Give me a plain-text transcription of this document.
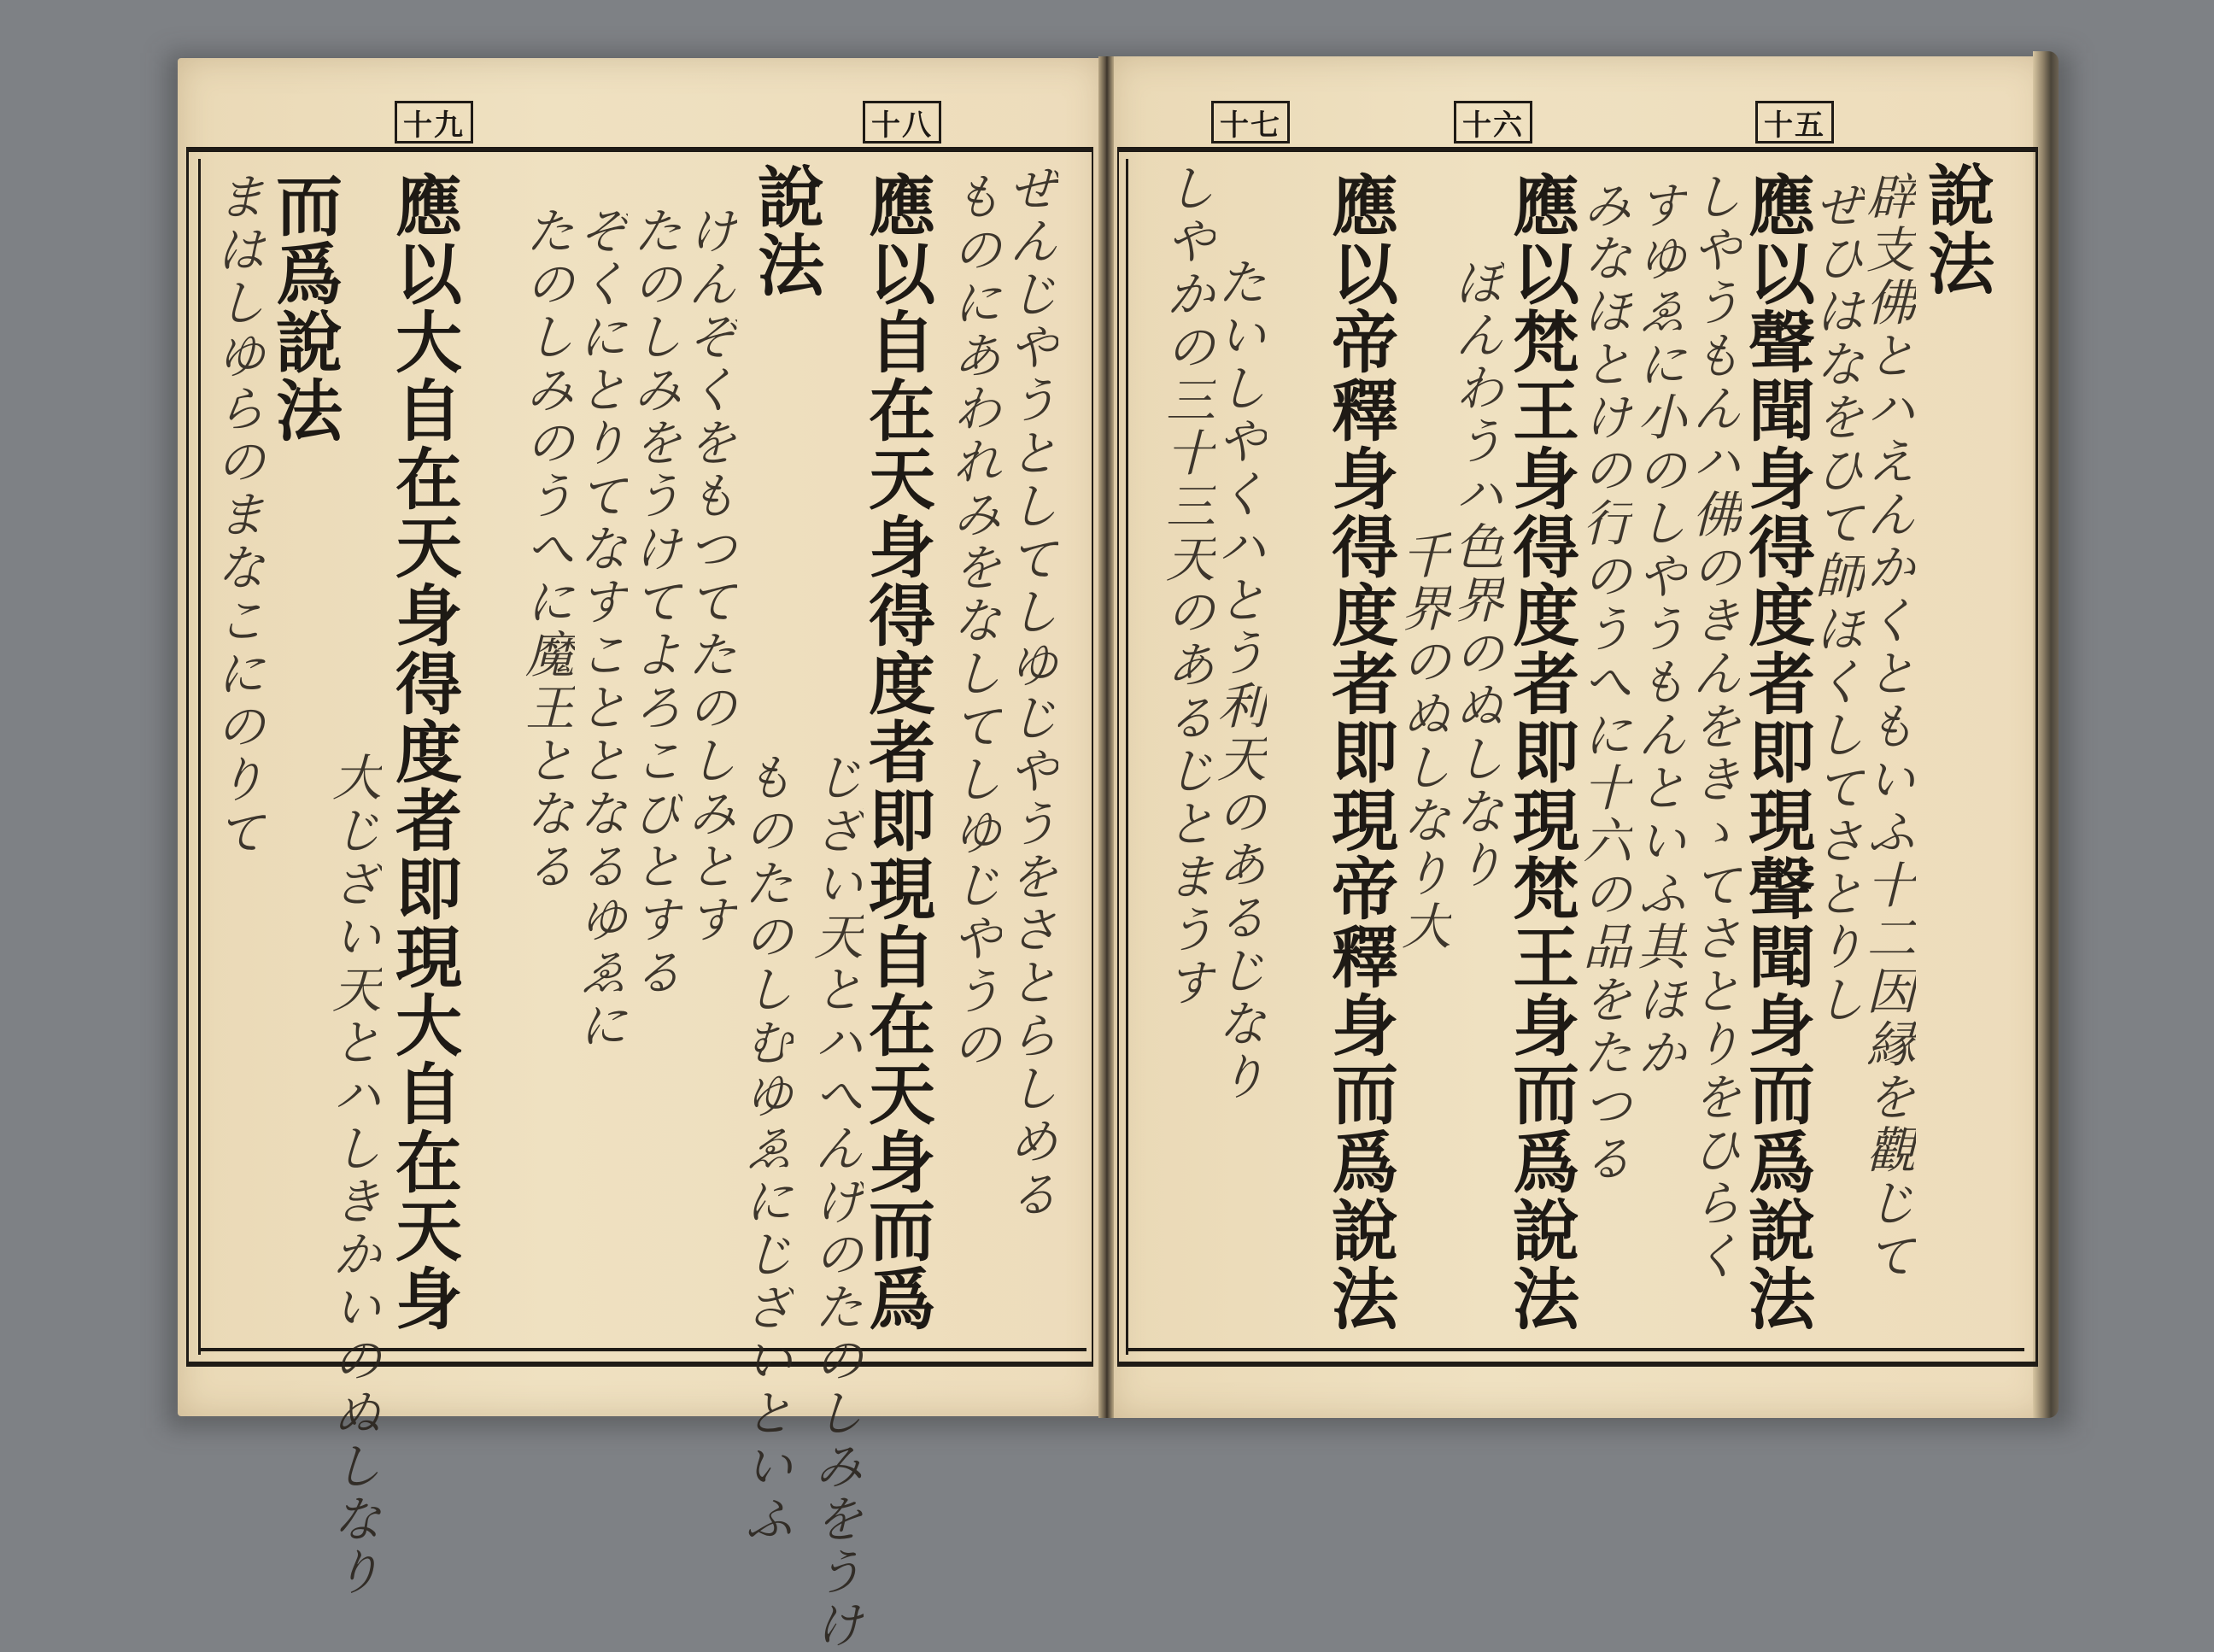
十九	十八	十七	十六	十五
說法
辟支佛とハえんかくともいふ十二因縁を觀じて
ぜひはなをひて師ほくしてさとりし
應以聲聞身得度者即現聲聞身而爲說法
しやうもんハ佛のきんをきゝてさとりをひらく
すゆゑに小のしやうもんといふ其ほか
みなほとけの行のうへに十六の品をたつる
應以梵王身得度者即現梵王身而爲說法
ぼんわうハ色界のぬしなり
千界のぬしなり大
應以帝釋身得度者即現帝釋身而爲說法
たいしやくハとう利天のあるじなり
しやかの三十三天のあるじとまうす
ぜんじやうとしてしゆじやうをさとらしめる
ものにあわれみをなしてしゆじやうの
應以自在天身得度者即現自在天身而爲
說法
じざい天とハへんげのたのしみをうけ
ものたのしむゆゑにじざいといふ
けんぞくをもつてたのしみとす
たのしみをうけてよろこびとする
ぞくにとりてなすこととなるゆゑに
たのしみのうへに魔王となる
應以大自在天身得度者即現大自在天身
而爲說法
大じざい天とハしきかいのぬしなり
まはしゆらのまなこにのりて
